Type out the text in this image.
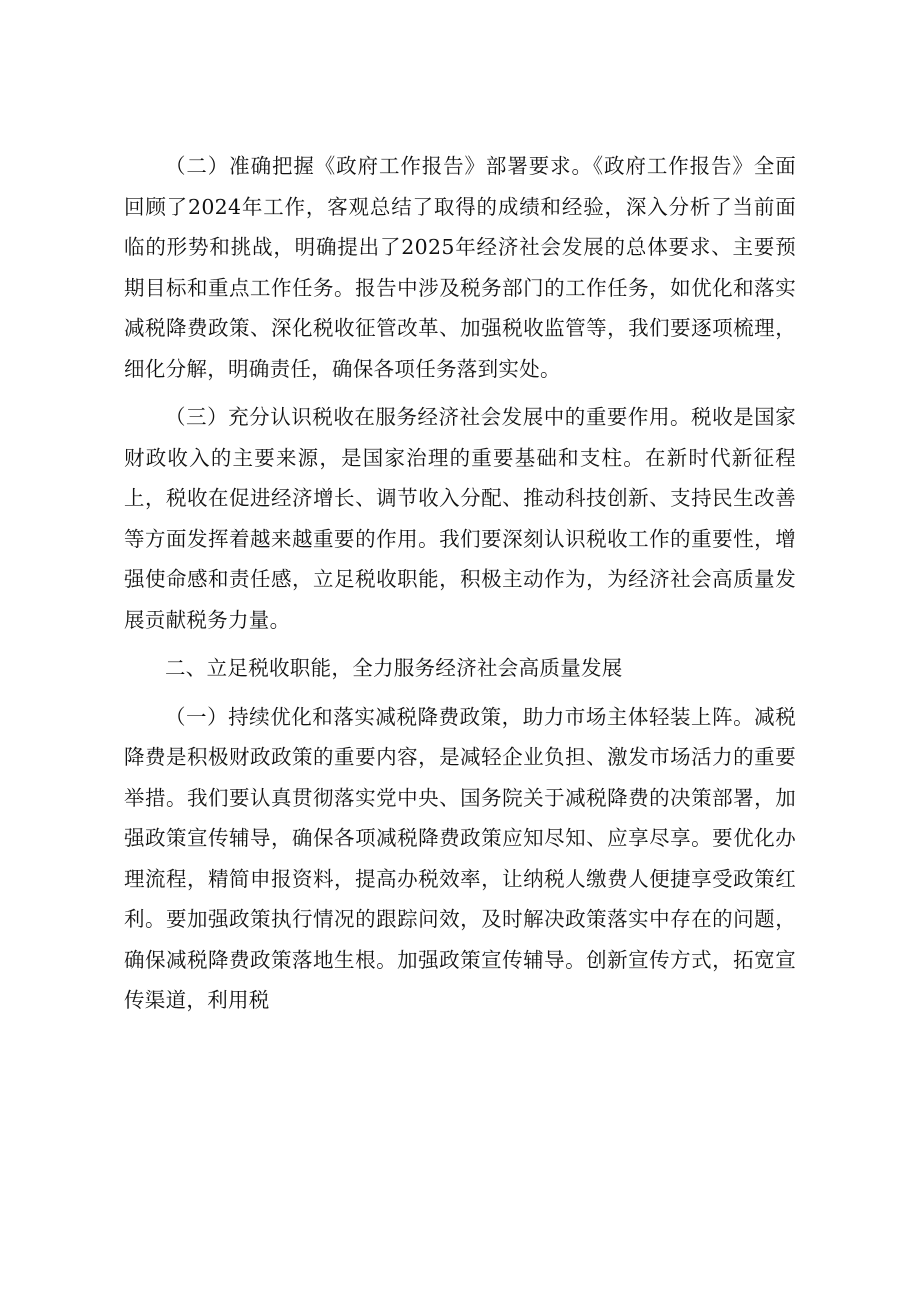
（二）准确把握《政府工作报告》部署要求。《政府工作报告》全面回顾了2024年工作，客观总结了取得的成绩和经验，深入分析了当前面临的形势和挑战，明确提出了2025年经济社会发展的总体要求、主要预期目标和重点工作任务。报告中涉及税务部门的工作任务，如优化和落实减税降费政策、深化税收征管改革、加强税收监管等，我们要逐项梳理，细化分解，明确责任，确保各项任务落到实处。

（三）充分认识税收在服务经济社会发展中的重要作用。税收是国家财政收入的主要来源，是国家治理的重要基础和支柱。在新时代新征程上，税收在促进经济增长、调节收入分配、推动科技创新、支持民生改善等方面发挥着越来越重要的作用。我们要深刻认识税收工作的重要性，增强使命感和责任感，立足税收职能，积极主动作为，为经济社会高质量发展贡献税务力量。

二、立足税收职能，全力服务经济社会高质量发展

（一）持续优化和落实减税降费政策，助力市场主体轻装上阵。减税降费是积极财政政策的重要内容，是减轻企业负担、激发市场活力的重要举措。我们要认真贯彻落实党中央、国务院关于减税降费的决策部署，加强政策宣传辅导，确保各项减税降费政策应知尽知、应享尽享。要优化办理流程，精简申报资料，提高办税效率，让纳税人缴费人便捷享受政策红利。要加强政策执行情况的跟踪问效，及时解决政策落实中存在的问题，确保减税降费政策落地生根。加强政策宣传辅导。创新宣传方式，拓宽宣传渠道，利用税
